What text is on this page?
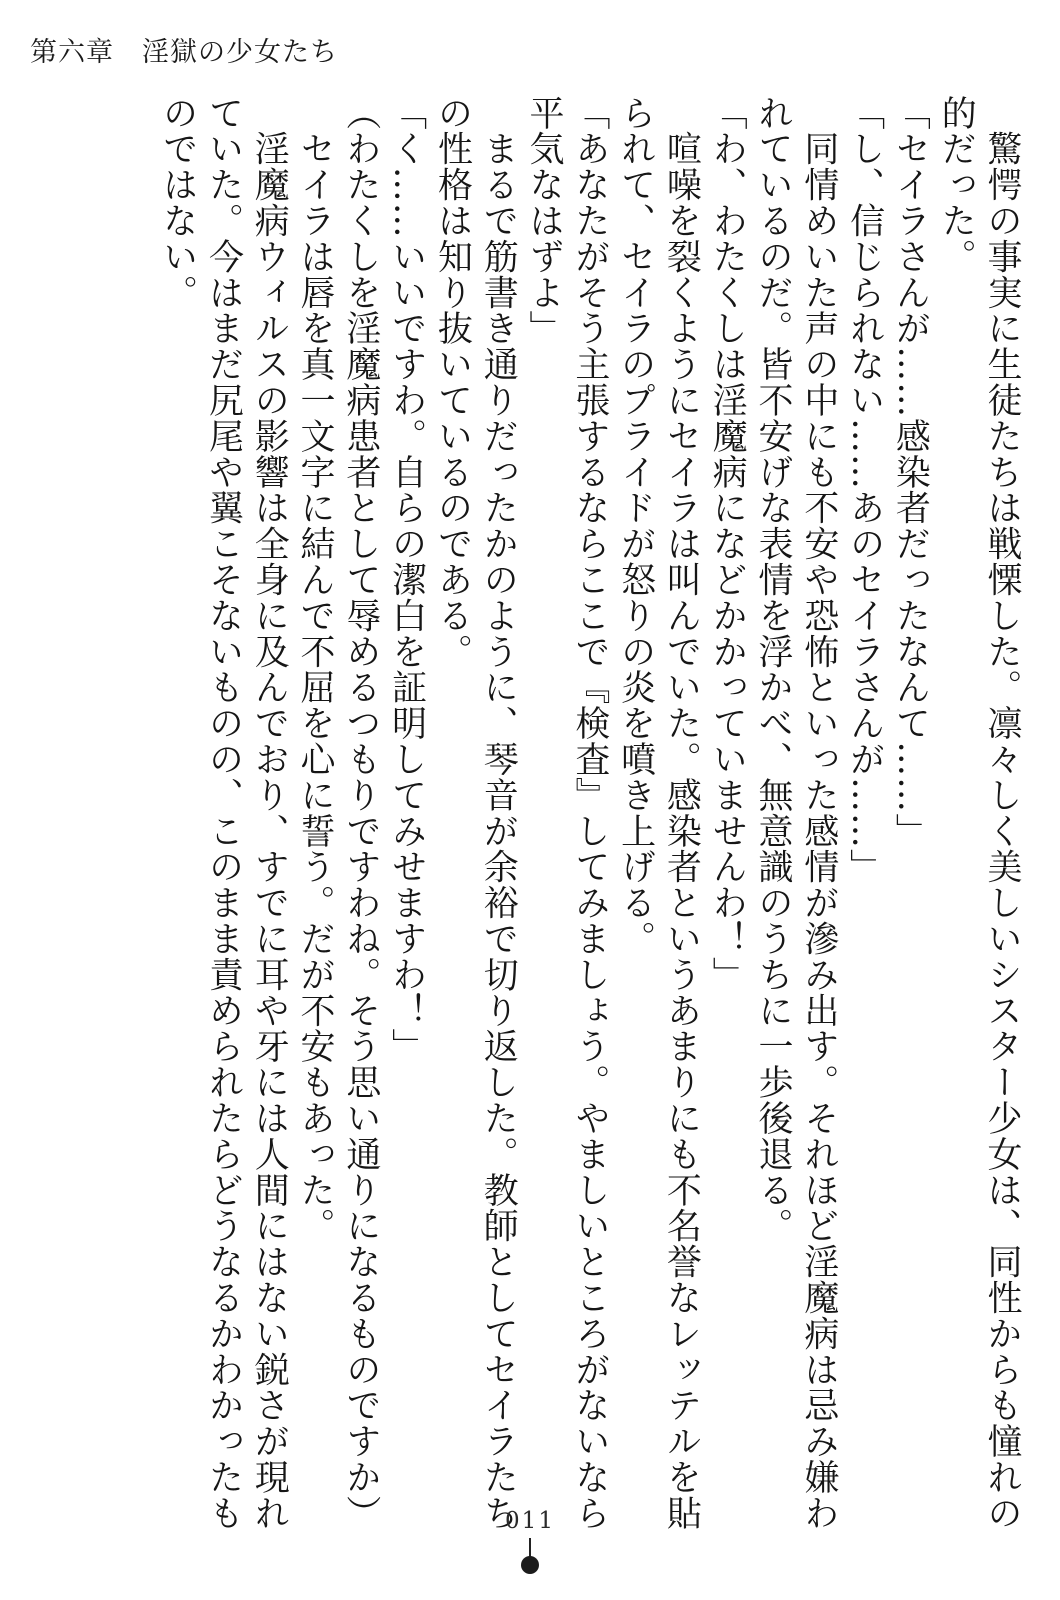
第六章　淫獄の少女たち
　驚愕の事実に生徒たちは戦慄した。凛々しく美しいシスター少女は、同性からも憧れの
的だった。
「セイラさんが……感染者だったなんて……」
「し、信じられない……あのセイラさんが……」
　同情めいた声の中にも不安や恐怖といった感情が滲み出す。それほど淫魔病は忌み嫌わ
れているのだ。皆不安げな表情を浮かべ、無意識のうちに一歩後退る。
「わ、わたくしは淫魔病になどかかっていませんわ！」
　喧噪を裂くようにセイラは叫んでいた。感染者というあまりにも不名誉なレッテルを貼
られて、セイラのプライドが怒りの炎を噴き上げる。
「あなたがそう主張するならここで『検査』してみましょう。やましいところがないなら
平気なはずよ」
　まるで筋書き通りだったかのように、琴音が余裕で切り返した。教師としてセイラたち
の性格は知り抜いているのである。
「く……いいですわ。自らの潔白を証明してみせますわ！」
（わたくしを淫魔病患者として辱めるつもりですわね。そう思い通りになるものですか）
　セイラは唇を真一文字に結んで不屈を心に誓う。だが不安もあった。
　淫魔病ウィルスの影響は全身に及んでおり、すでに耳や牙には人間にはない鋭さが現れ
ていた。今はまだ尻尾や翼こそないものの、このまま責められたらどうなるかわかったも
のではない。
011
